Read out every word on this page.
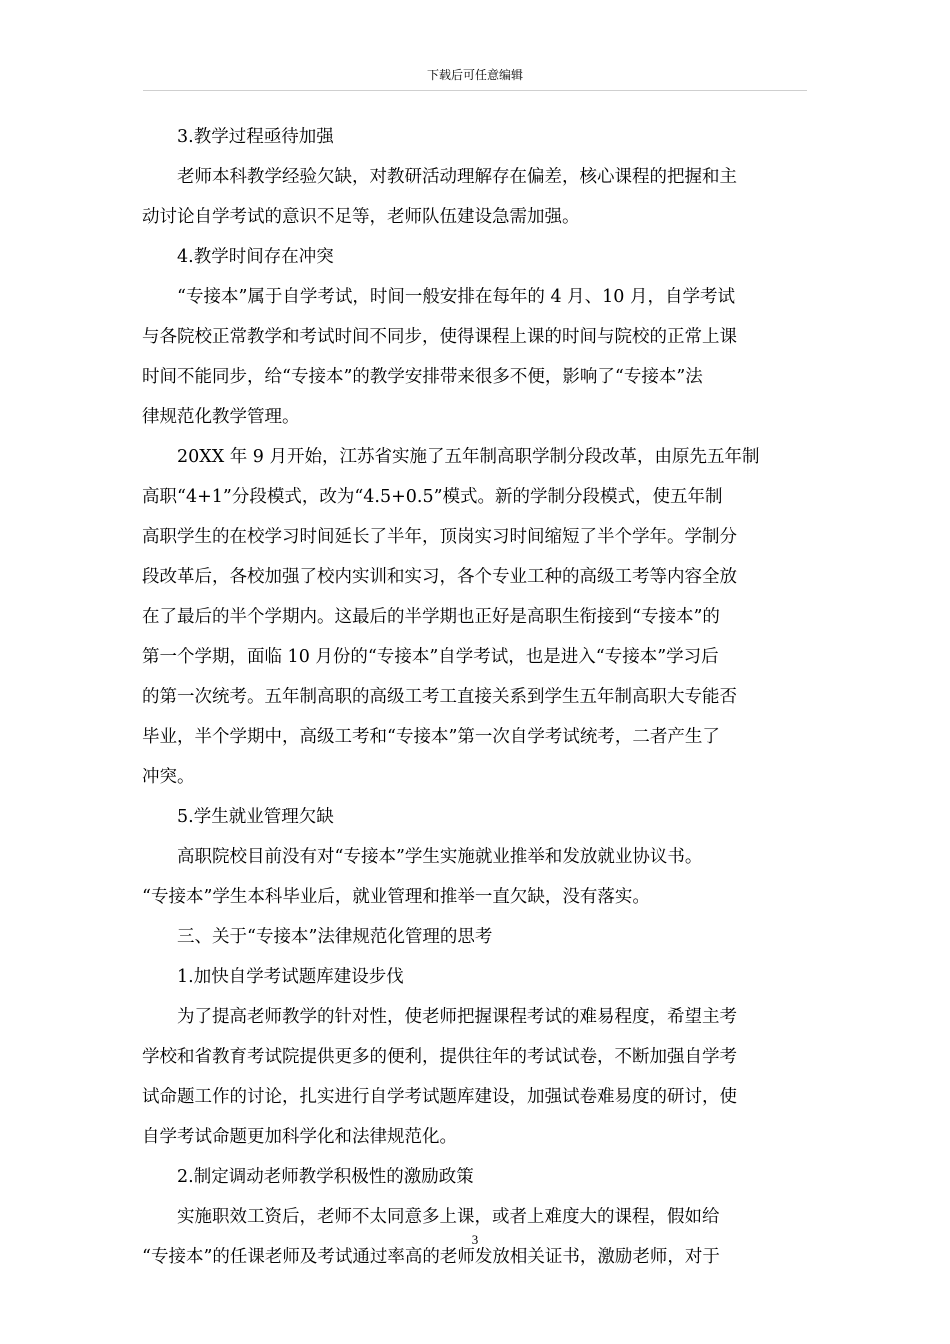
下载后可任意编辑

3.教学过程亟待加强

老师本科教学经验欠缺，对教研活动理解存在偏差，核心课程的把握和主

动讨论自学考试的意识不足等，老师队伍建设急需加强。

4.教学时间存在冲突

“专接本”属于自学考试，时间一般安排在每年的 4 月、10 月，自学考试

与各院校正常教学和考试时间不同步，使得课程上课的时间与院校的正常上课

时间不能同步，给“专接本”的教学安排带来很多不便，影响了“专接本”法

律规范化教学管理。

20XX 年 9 月开始，江苏省实施了五年制高职学制分段改革，由原先五年制

高职“4+1”分段模式，改为“4.5+0.5”模式。新的学制分段模式，使五年制

高职学生的在校学习时间延长了半年，顶岗实习时间缩短了半个学年。学制分

段改革后，各校加强了校内实训和实习，各个专业工种的高级工考等内容全放

在了最后的半个学期内。这最后的半学期也正好是高职生衔接到“专接本”的

第一个学期，面临 10 月份的“专接本”自学考试，也是进入“专接本”学习后

的第一次统考。五年制高职的高级工考工直接关系到学生五年制高职大专能否

毕业，半个学期中，高级工考和“专接本”第一次自学考试统考，二者产生了

冲突。

5.学生就业管理欠缺

高职院校目前没有对“专接本”学生实施就业推举和发放就业协议书。

“专接本”学生本科毕业后，就业管理和推举一直欠缺，没有落实。

三、关于“专接本”法律规范化管理的思考

1.加快自学考试题库建设步伐

为了提高老师教学的针对性，使老师把握课程考试的难易程度，希望主考

学校和省教育考试院提供更多的便利，提供往年的考试试卷，不断加强自学考

试命题工作的讨论，扎实进行自学考试题库建设，加强试卷难易度的研讨，使

自学考试命题更加科学化和法律规范化。

2.制定调动老师教学积极性的激励政策

实施职效工资后，老师不太同意多上课，或者上难度大的课程，假如给

“专接本”的任课老师及考试通过率高的老师发放相关证书，激励老师，对于

3
